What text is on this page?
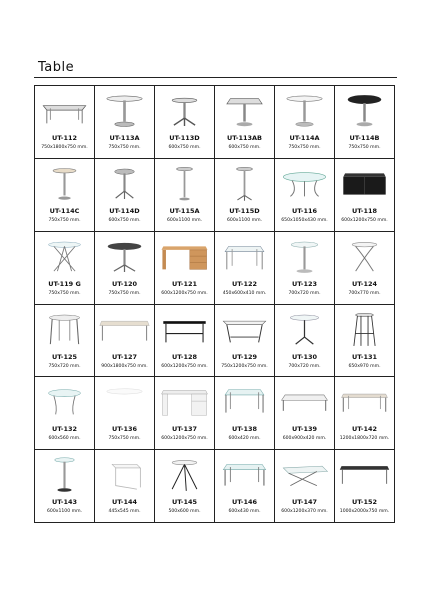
Table
UT-112
750x1800x750 mm.
UT-113A
750x750 mm.
UT-113D
600x750 mm.
UT-113AB
600x750 mm.
UT-114A
750x750 mm.
UT-114B
750x750 mm.
UT-114C
750x750 mm.
UT-114D
600x750 mm.
UT-115A
600x1100 mm.
UT-115D
600x1100 mm.
UT-116
650x1050x430 mm.
UT-118
600x1200x750 mm.
UT-119 G
750x750 mm.
UT-120
750x750 mm.
UT-121
600x1200x750 mm.
UT-122
450x600x410 mm.
UT-123
700x720 mm.
UT-124
700x770 mm.
UT-125
750x720 mm.
UT-127
900x1800x750 mm.
UT-128
600x1200x750 mm.
UT-129
750x1200x750 mm.
UT-130
700x720 mm.
UT-131
650x970 mm.
UT-132
600x560 mm.
UT-136
750x750 mm.
UT-137
600x1200x750 mm.
UT-138
600x420 mm.
UT-139
600x900x420 mm.
UT-142
1200x1800x720 mm.
UT-143
600x1100 mm.
UT-144
445x545 mm.
UT-145
500x600 mm.
UT-146
600x430 mm.
UT-147
600x1200x370 mm.
UT-152
1000x2000x750 mm.
